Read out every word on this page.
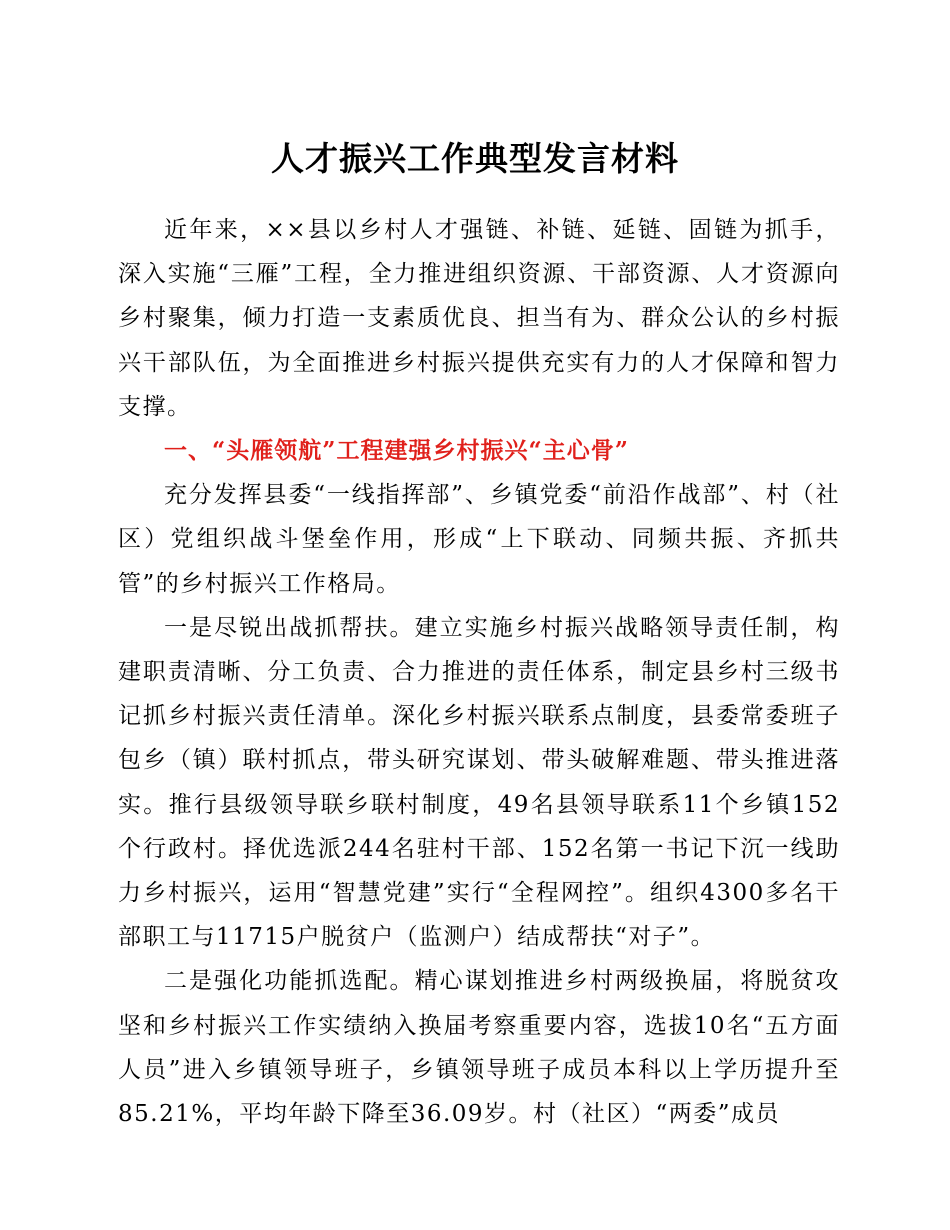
人才振兴工作典型发言材料

近年来，××县以乡村人才强链、补链、延链、固链为抓手，深入实施“三雁”工程，全力推进组织资源、干部资源、人才资源向乡村聚集，倾力打造一支素质优良、担当有为、群众公认的乡村振兴干部队伍，为全面推进乡村振兴提供充实有力的人才保障和智力支撑。

一、“头雁领航”工程建强乡村振兴“主心骨”

充分发挥县委“一线指挥部”、乡镇党委“前沿作战部”、村（社区）党组织战斗堡垒作用，形成“上下联动、同频共振、齐抓共管”的乡村振兴工作格局。

一是尽锐出战抓帮扶。建立实施乡村振兴战略领导责任制，构建职责清晰、分工负责、合力推进的责任体系，制定县乡村三级书记抓乡村振兴责任清单。深化乡村振兴联系点制度，县委常委班子包乡（镇）联村抓点，带头研究谋划、带头破解难题、带头推进落实。推行县级领导联乡联村制度，49名县领导联系11个乡镇152个行政村。择优选派244名驻村干部、152名第一书记下沉一线助力乡村振兴，运用“智慧党建”实行“全程网控”。组织4300多名干部职工与11715户脱贫户（监测户）结成帮扶“对子”。

二是强化功能抓选配。精心谋划推进乡村两级换届，将脱贫攻坚和乡村振兴工作实绩纳入换届考察重要内容，选拔10名“五方面人员”进入乡镇领导班子，乡镇领导班子成员本科以上学历提升至85.21%，平均年龄下降至36.09岁。村（社区）“两委”成员
